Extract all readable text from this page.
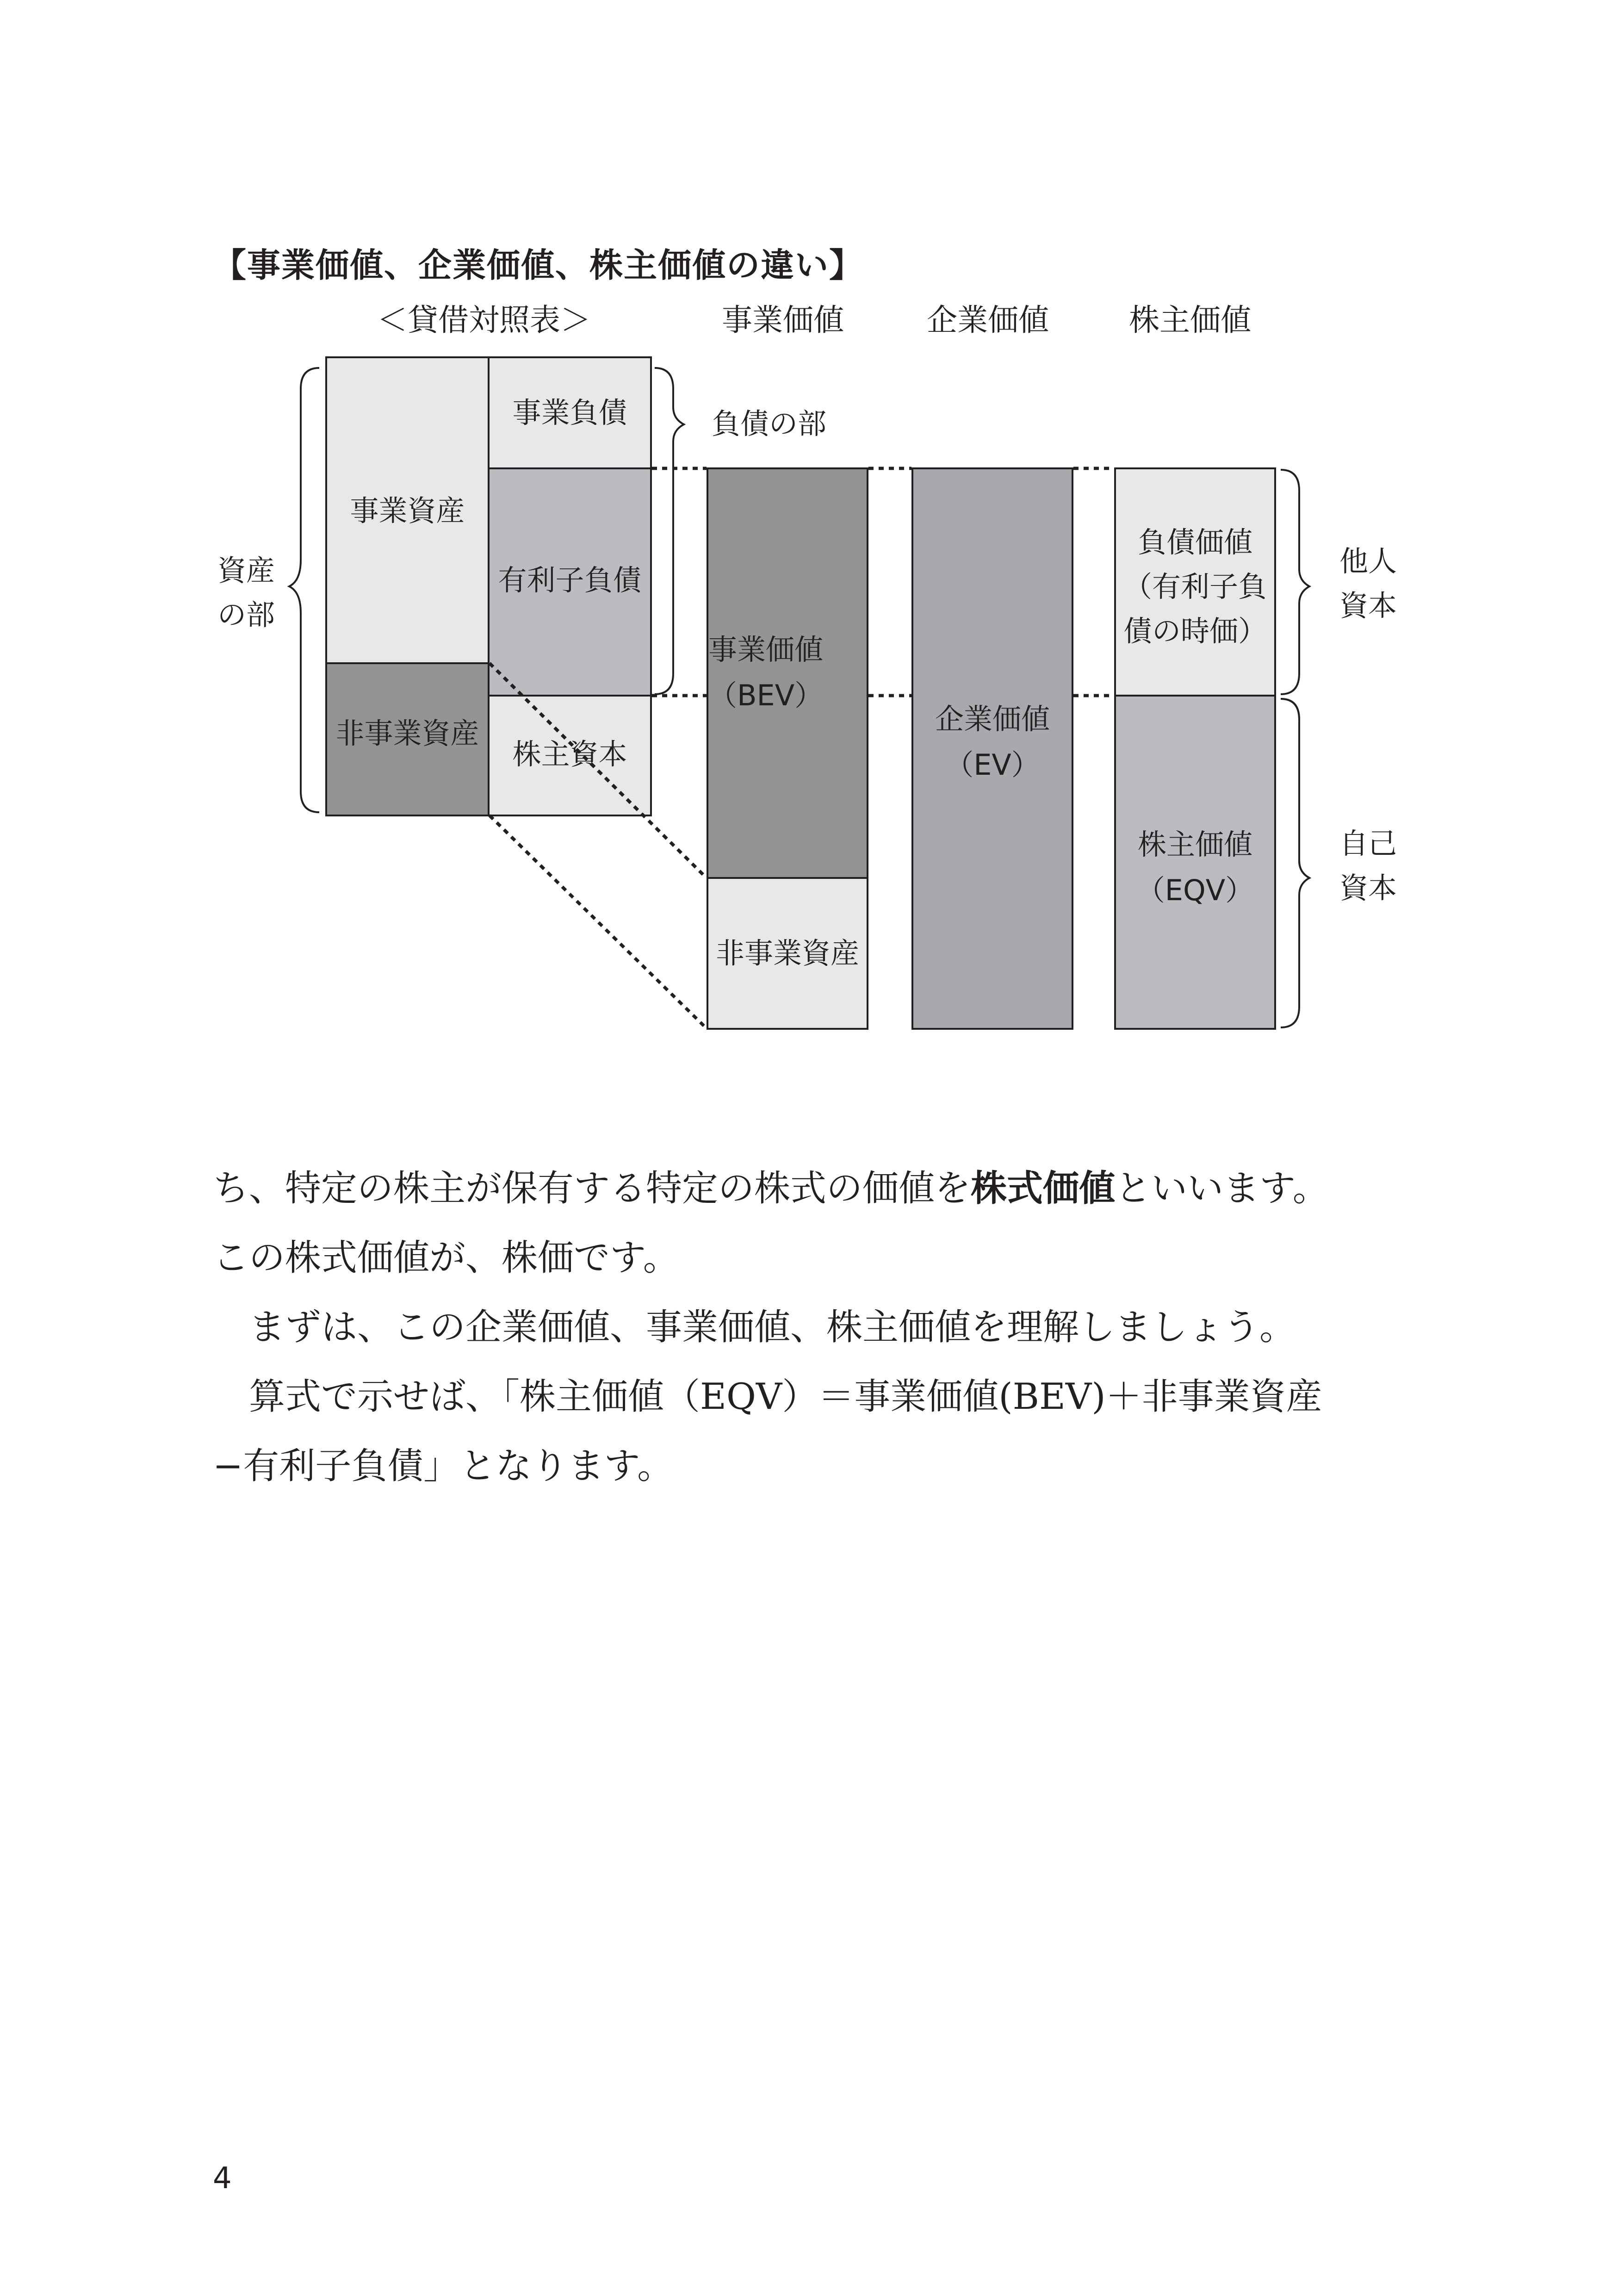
【事業価値、企業価値、株主価値の違い】
＜貸借対照表＞	事業価値	企業価値	株主価値
事業資産
非事業資産
事業負債
有利子負債
株主資本
事業価値
（BEV）
非事業資産
企業価値
（EV）
負債価値
（有利子負
債の時価）
株主価値
（EQV）
資産
の部
負債の部
他人
資本
自己
資本
ち、特定の株主が保有する特定の株式の価値を株式価値といいます。
この株式価値が、株価です。
　まずは、この企業価値、事業価値、株主価値を理解しましょう。
　算式で示せば、「株主価値（EQV）＝事業価値(BEV)＋非事業資産
−有利子負債」となります。
4
